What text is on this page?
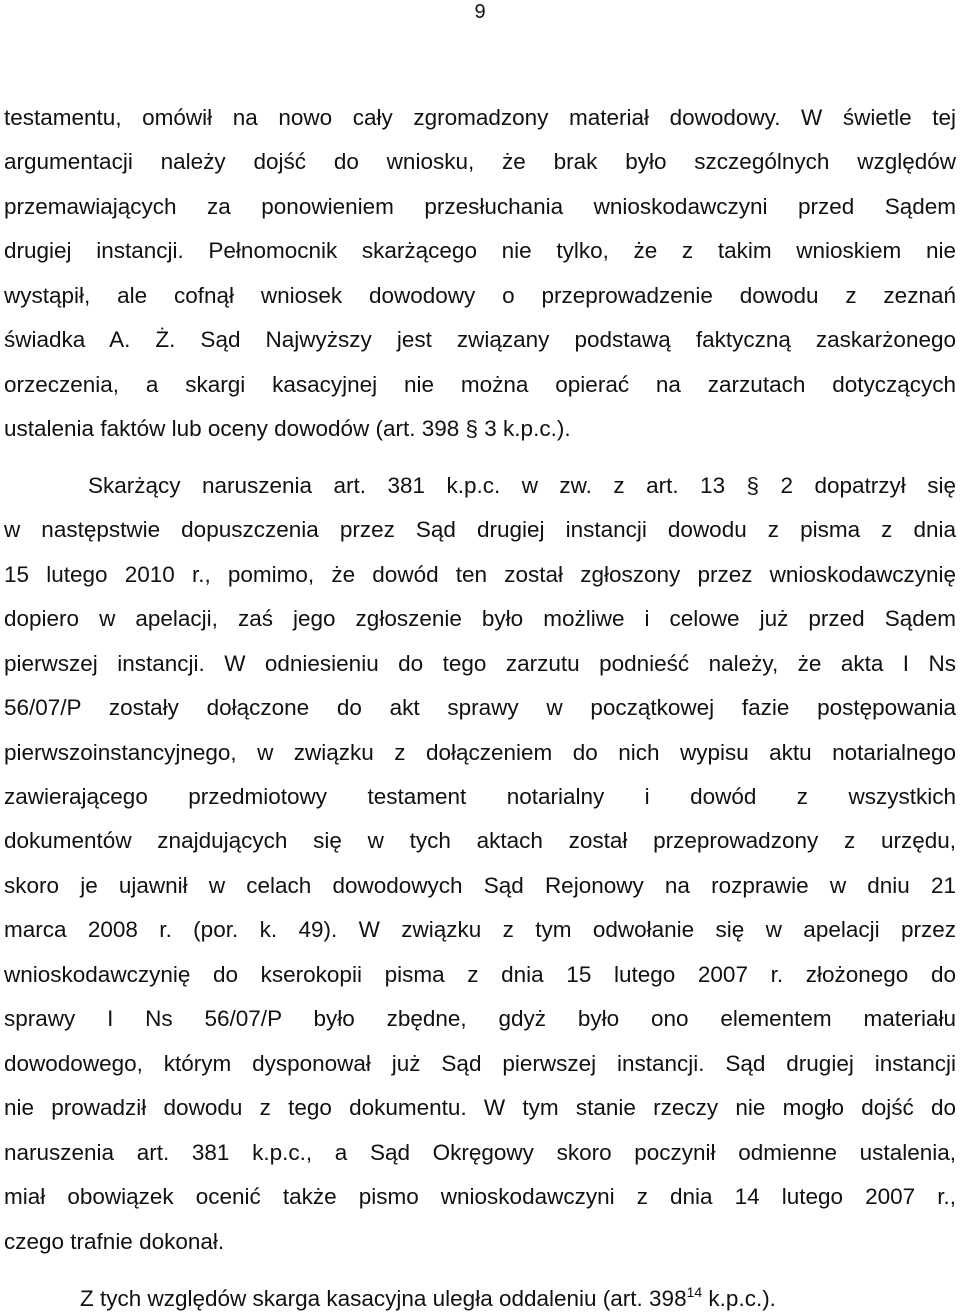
9
testamentu, omówił na nowo cały zgromadzony materiał dowodowy. W świetle tej
argumentacji należy dojść do wniosku, że brak było szczególnych względów
przemawiających za ponowieniem przesłuchania wnioskodawczyni przed Sądem
drugiej instancji. Pełnomocnik skarżącego nie tylko, że z takim wnioskiem nie
wystąpił, ale cofnął wniosek dowodowy o przeprowadzenie dowodu z zeznań
świadka A. Ż. Sąd Najwyższy jest związany podstawą faktyczną zaskarżonego
orzeczenia, a skargi kasacyjnej nie można opierać na zarzutach dotyczących
ustalenia faktów lub oceny dowodów (art. 398 § 3 k.p.c.).
Skarżący naruszenia art. 381 k.p.c. w zw. z art. 13 § 2 dopatrzył się
w następstwie dopuszczenia przez Sąd drugiej instancji dowodu z pisma z dnia
15 lutego 2010 r., pomimo, że dowód ten został zgłoszony przez wnioskodawczynię
dopiero w apelacji, zaś jego zgłoszenie było możliwe i celowe już przed Sądem
pierwszej instancji. W odniesieniu do tego zarzutu podnieść należy, że akta I Ns
56/07/P zostały dołączone do akt sprawy w początkowej fazie postępowania
pierwszoinstancyjnego, w związku z dołączeniem do nich wypisu aktu notarialnego
zawierającego przedmiotowy testament notarialny i dowód z wszystkich
dokumentów znajdujących się w tych aktach został przeprowadzony z urzędu,
skoro je ujawnił w celach dowodowych Sąd Rejonowy na rozprawie w dniu 21
marca 2008 r. (por. k. 49). W związku z tym odwołanie się w apelacji przez
wnioskodawczynię do kserokopii pisma z dnia 15 lutego 2007 r. złożonego do
sprawy I Ns 56/07/P było zbędne, gdyż było ono elementem materiału
dowodowego, którym dysponował już Sąd pierwszej instancji. Sąd drugiej instancji
nie prowadził dowodu z tego dokumentu. W tym stanie rzeczy nie mogło dojść do
naruszenia art. 381 k.p.c., a Sąd Okręgowy skoro poczynił odmienne ustalenia,
miał obowiązek ocenić także pismo wnioskodawczyni z dnia 14 lutego 2007 r.,
czego trafnie dokonał.
Z tych względów skarga kasacyjna uległa oddaleniu (art. $398^{14}$ k.p.c.).
